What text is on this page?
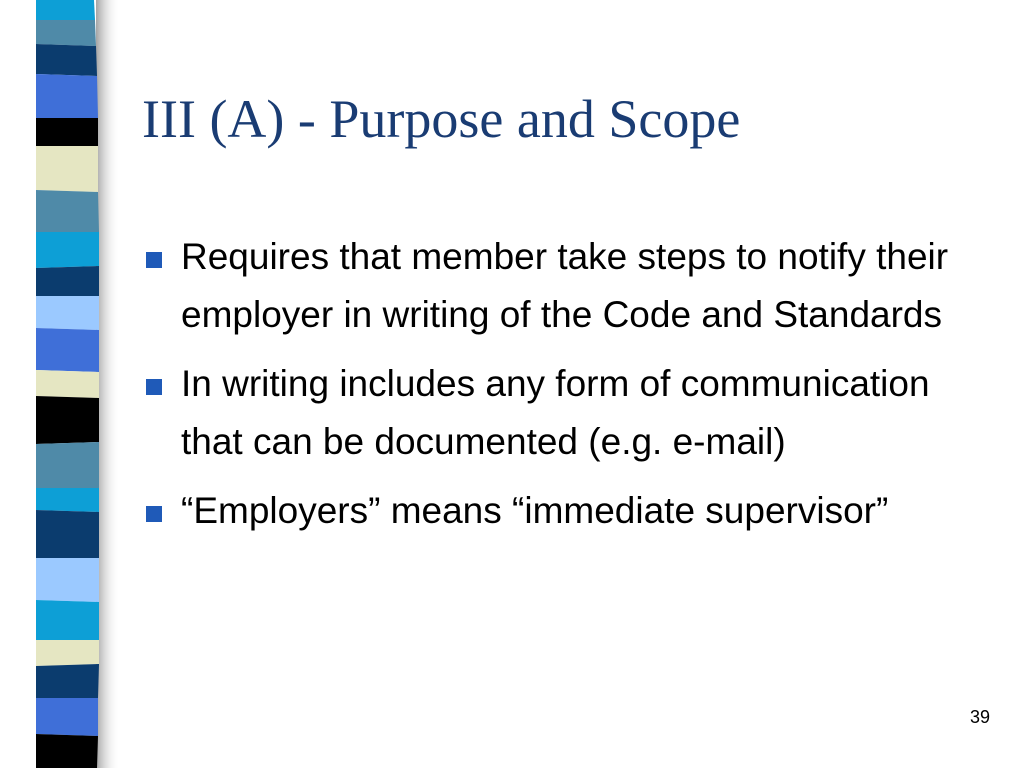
III (A) - Purpose and Scope
Requires that member take steps to notify their employer in writing of the Code and Standards
In writing includes any form of communication that can be documented (e.g. e-mail)
“Employers” means “immediate supervisor”
39
